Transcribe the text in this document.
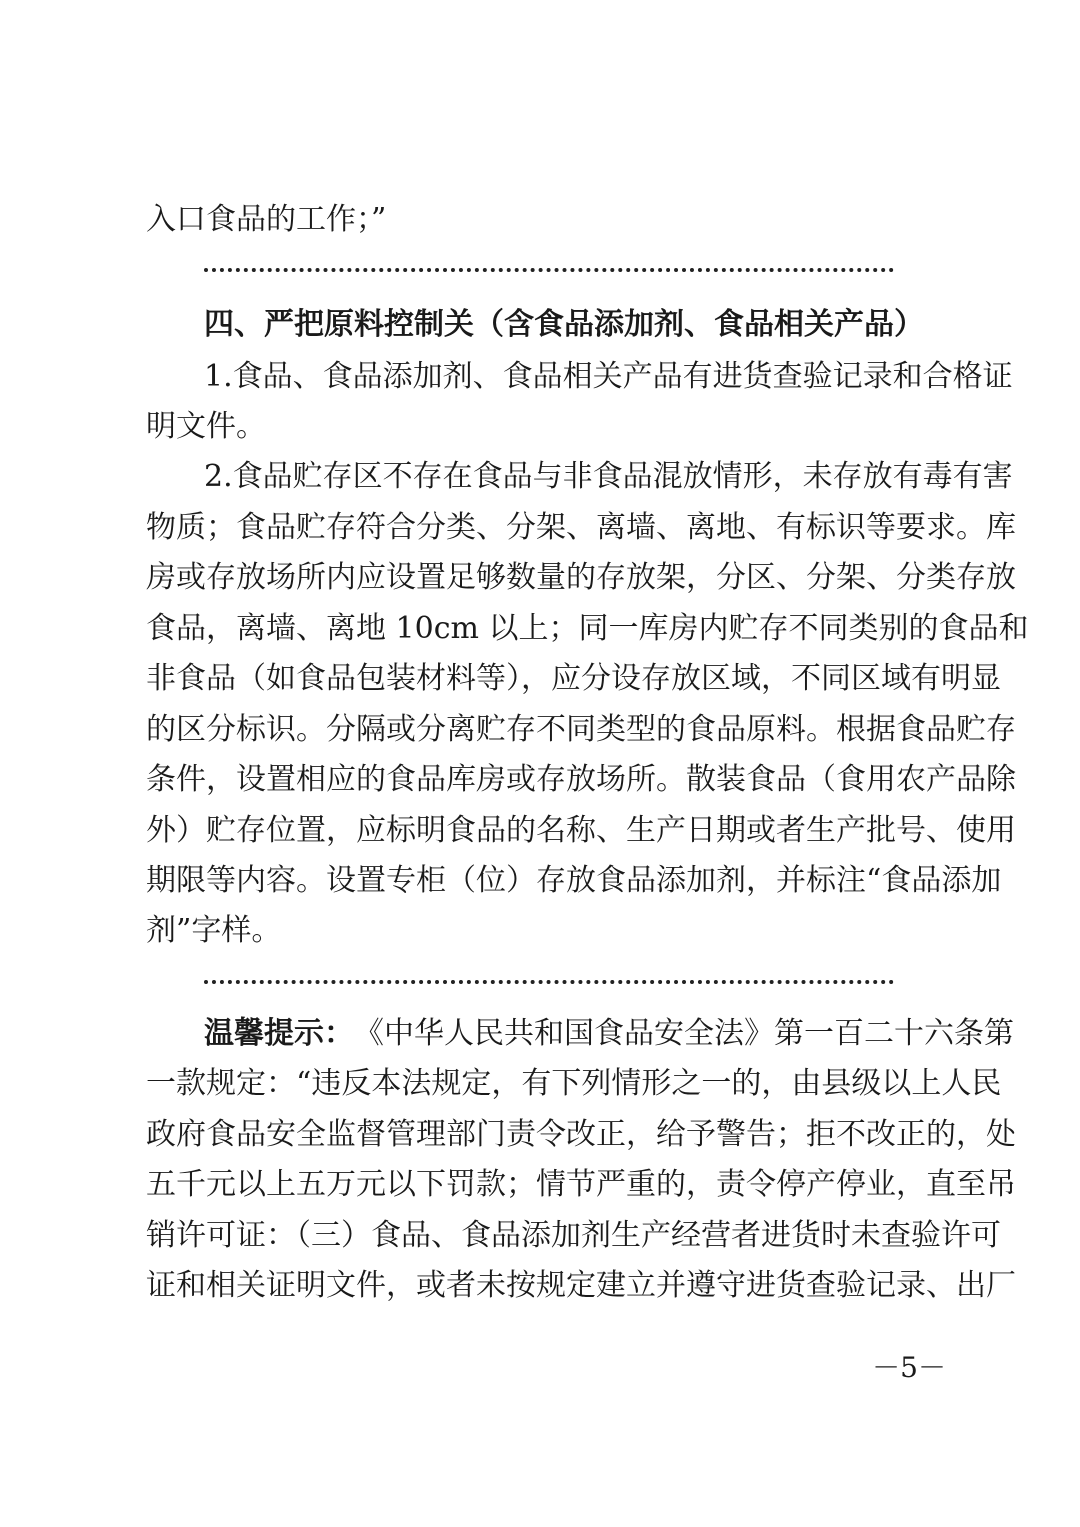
入口食品的工作；”
四、严把原料控制关（含食品添加剂、食品相关产品）
1.食品、食品添加剂、食品相关产品有进货查验记录和合格证
明文件。
2.食品贮存区不存在食品与非食品混放情形，未存放有毒有害
物质；食品贮存符合分类、分架、离墙、离地、有标识等要求。库
房或存放场所内应设置足够数量的存放架，分区、分架、分类存放
食品，离墙、离地 10cm 以上；同一库房内贮存不同类别的食品和
非食品（如食品包装材料等），应分设存放区域，不同区域有明显
的区分标识。分隔或分离贮存不同类型的食品原料。根据食品贮存
条件，设置相应的食品库房或存放场所。散装食品（食用农产品除
外）贮存位置，应标明食品的名称、生产日期或者生产批号、使用
期限等内容。设置专柜（位）存放食品添加剂，并标注“食品添加
剂”字样。
温馨提示： 《中华人民共和国食品安全法》第一百二十六条第
一款规定：“违反本法规定，有下列情形之一的，由县级以上人民
政府食品安全监督管理部门责令改正，给予警告；拒不改正的，处
五千元以上五万元以下罚款；情节严重的，责令停产停业，直至吊
销许可证：（三）食品、食品添加剂生产经营者进货时未查验许可
证和相关证明文件，或者未按规定建立并遵守进货查验记录、出厂
－5－
